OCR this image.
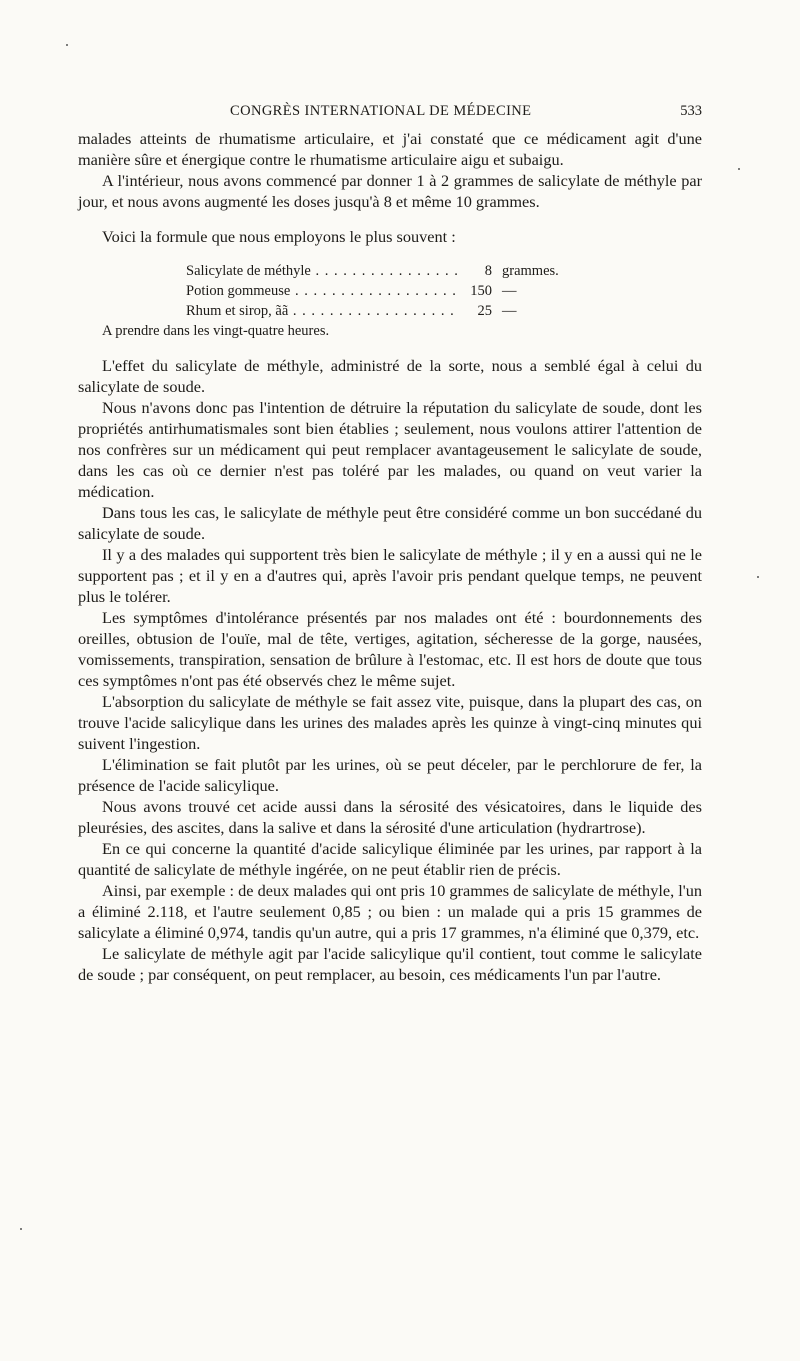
CONGRÈS INTERNATIONAL DE MÉDECINE	533

malades atteints de rhumatisme articulaire, et j'ai constaté que ce médicament agit d'une manière sûre et énergique contre le rhumatisme articulaire aigu et subaigu.

A l'intérieur, nous avons commencé par donner 1 à 2 grammes de salicylate de méthyle par jour, et nous avons augmenté les doses jusqu'à 8 et même 10 grammes.

Voici la formule que nous employons le plus souvent :

Salicylate de méthyle . . .	8 grammes.
Potion gommeuse . . .	150 —
Rhum et sirop, ãã . . .	25 —

A prendre dans les vingt-quatre heures.

L'effet du salicylate de méthyle, administré de la sorte, nous a semblé égal à celui du salicylate de soude.

Nous n'avons donc pas l'intention de détruire la réputation du salicylate de soude, dont les propriétés antirhumatismales sont bien établies ; seulement, nous voulons attirer l'attention de nos confrères sur un médicament qui peut remplacer avantageusement le salicylate de soude, dans les cas où ce dernier n'est pas toléré par les malades, ou quand on veut varier la médication.

Dans tous les cas, le salicylate de méthyle peut être considéré comme un bon succédané du salicylate de soude.

Il y a des malades qui supportent très bien le salicylate de méthyle ; il y en a aussi qui ne le supportent pas ; et il y en a d'autres qui, après l'avoir pris pendant quelque temps, ne peuvent plus le tolérer.

Les symptômes d'intolérance présentés par nos malades ont été : bourdonnements des oreilles, obtusion de l'ouïe, mal de tête, vertiges, agitation, sécheresse de la gorge, nausées, vomissements, transpiration, sensation de brûlure à l'estomac, etc. Il est hors de doute que tous ces symptômes n'ont pas été observés chez le même sujet.

L'absorption du salicylate de méthyle se fait assez vite, puisque, dans la plupart des cas, on trouve l'acide salicylique dans les urines des malades après les quinze à vingt-cinq minutes qui suivent l'ingestion.

L'élimination se fait plutôt par les urines, où se peut déceler, par le perchlorure de fer, la présence de l'acide salicylique.

Nous avons trouvé cet acide aussi dans la sérosité des vésicatoires, dans le liquide des pleurésies, des ascites, dans la salive et dans la sérosité d'une articulation (hydrartrose).

En ce qui concerne la quantité d'acide salicylique éliminée par les urines, par rapport à la quantité de salicylate de méthyle ingérée, on ne peut établir rien de précis.

Ainsi, par exemple : de deux malades qui ont pris 10 grammes de salicylate de méthyle, l'un a éliminé 2.118, et l'autre seulement 0,85 ; ou bien : un malade qui a pris 15 grammes de salicylate a éliminé 0,974, tandis qu'un autre, qui a pris 17 grammes, n'a éliminé que 0,379, etc.

Le salicylate de méthyle agit par l'acide salicylique qu'il contient, tout comme le salicylate de soude ; par conséquent, on peut remplacer, au besoin, ces médicaments l'un par l'autre.
